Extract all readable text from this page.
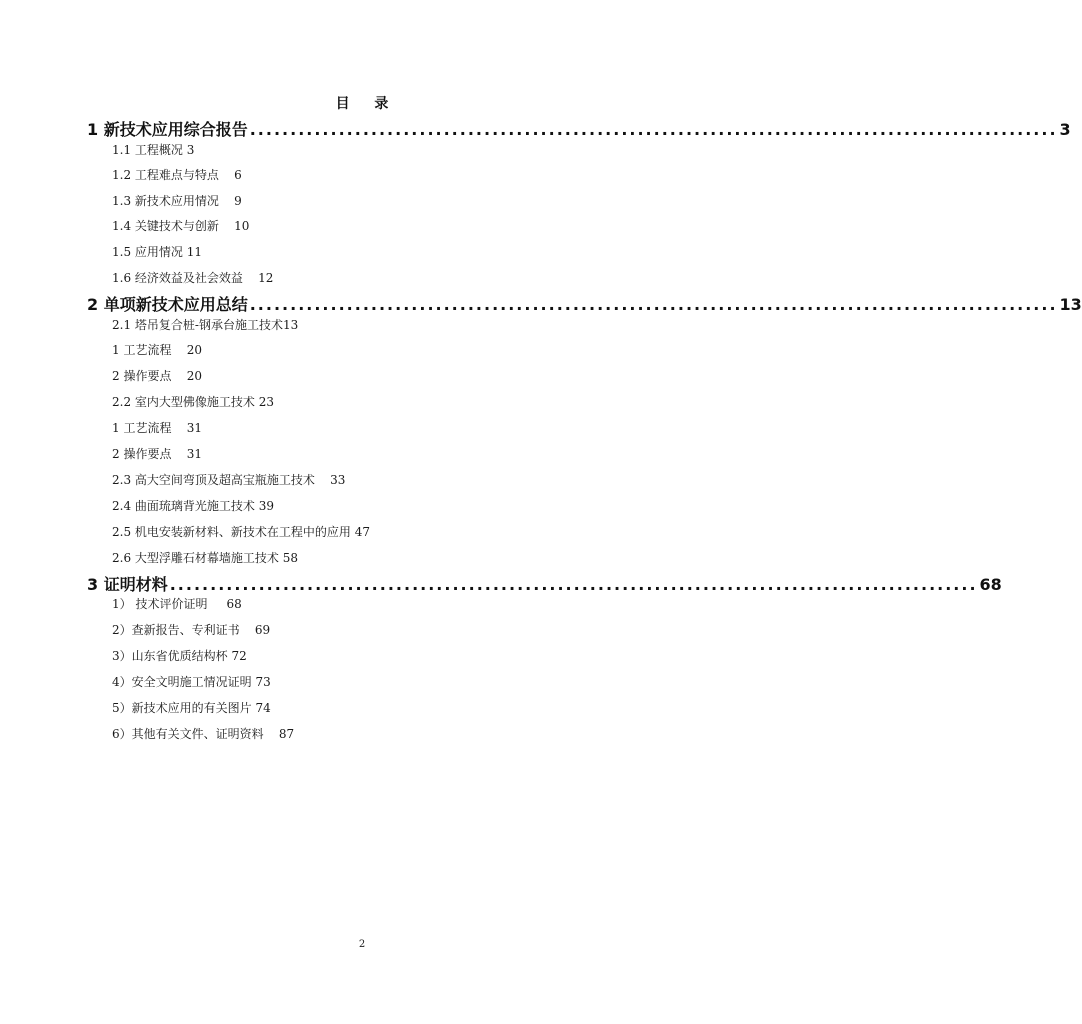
目 录
1 新技术应用综合报告 .................................................................................................... 3
1.1 工程概况 3
1.2 工程难点与特点    6
1.3 新技术应用情况    9
1.4 关键技术与创新    10
1.5 应用情况 11
1.6 经济效益及社会效益    12
2 单项新技术应用总结 .................................................................................................... 13
2.1 塔吊复合桩-钢承台施工技术13
1 工艺流程    20
2 操作要点    20
2.2 室内大型佛像施工技术 23
1 工艺流程    31
2 操作要点    31
2.3 高大空间弯顶及超高宝瓶施工技术    33
2.4 曲面琉璃背光施工技术 39
2.5 机电安装新材料、新技术在工程中的应用 47
2.6 大型浮雕石材幕墙施工技术 58
3 证明材料 .................................................................................................... 68
1） 技术评价证明     68
2）查新报告、专利证书    69
3）山东省优质结构杯 72
4）安全文明施工情况证明 73
5）新技术应用的有关图片 74
6）其他有关文件、证明资料    87
2
